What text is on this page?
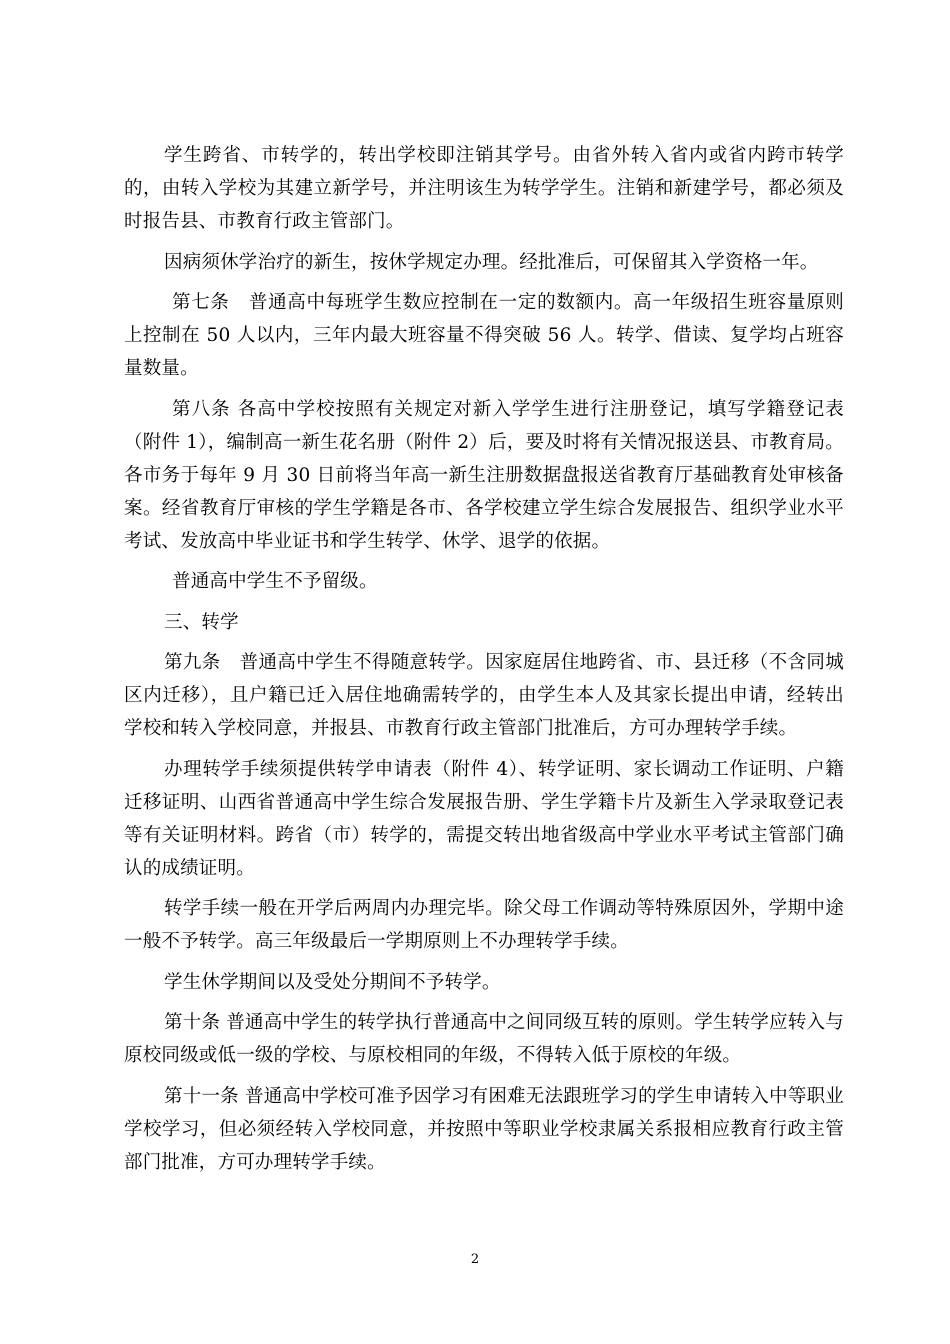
学生跨省、市转学的，转出学校即注销其学号。由省外转入省内或省内跨市转学的，由转入学校为其建立新学号，并注明该生为转学学生。注销和新建学号，都必须及时报告县、市教育行政主管部门。

因病须休学治疗的新生，按休学规定办理。经批准后，可保留其入学资格一年。

第七条　普通高中每班学生数应控制在一定的数额内。高一年级招生班容量原则上控制在 50 人以内，三年内最大班容量不得突破 56 人。转学、借读、复学均占班容量数量。

第八条 各高中学校按照有关规定对新入学学生进行注册登记，填写学籍登记表（附件 1），编制高一新生花名册（附件 2）后，要及时将有关情况报送县、市教育局。各市务于每年 9 月 30 日前将当年高一新生注册数据盘报送省教育厅基础教育处审核备案。经省教育厅审核的学生学籍是各市、各学校建立学生综合发展报告、组织学业水平考试、发放高中毕业证书和学生转学、休学、退学的依据。

普通高中学生不予留级。

三、转学

第九条　普通高中学生不得随意转学。因家庭居住地跨省、市、县迁移（不含同城区内迁移），且户籍已迁入居住地确需转学的，由学生本人及其家长提出申请，经转出学校和转入学校同意，并报县、市教育行政主管部门批准后，方可办理转学手续。

办理转学手续须提供转学申请表（附件 4）、转学证明、家长调动工作证明、户籍迁移证明、山西省普通高中学生综合发展报告册、学生学籍卡片及新生入学录取登记表等有关证明材料。跨省（市）转学的，需提交转出地省级高中学业水平考试主管部门确认的成绩证明。

转学手续一般在开学后两周内办理完毕。除父母工作调动等特殊原因外，学期中途一般不予转学。高三年级最后一学期原则上不办理转学手续。

学生休学期间以及受处分期间不予转学。

第十条 普通高中学生的转学执行普通高中之间同级互转的原则。学生转学应转入与原校同级或低一级的学校、与原校相同的年级，不得转入低于原校的年级。

第十一条 普通高中学校可准予因学习有困难无法跟班学习的学生申请转入中等职业学校学习，但必须经转入学校同意，并按照中等职业学校隶属关系报相应教育行政主管部门批准，方可办理转学手续。

2
